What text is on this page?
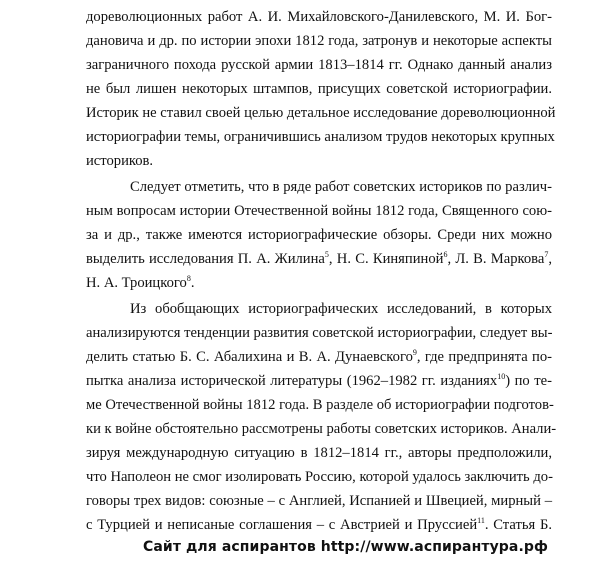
дореволюционных работ А. И. Михайловского-Данилевского, М. И. Бог-
дановича и др. по истории эпохи 1812 года, затронув и некоторые аспекты
заграничного похода русской армии 1813–1814 гг. Однако данный анализ
не был лишен некоторых штампов, присущих советской историографии.
Историк не ставил своей целью детальное исследование дореволюционной
историографии темы, ограничившись анализом трудов некоторых крупных
историков.
Следует отметить, что в ряде работ советских историков по различ-
ным вопросам истории Отечественной войны 1812 года, Священного сою-
за и др., также имеются историографические обзоры. Среди них можно
выделить исследования П. А. Жилина$^5$, Н. С. Киняпиной$^6$, Л. В. Маркова$^7$,
Н. А. Троицкого$^8$.
Из обобщающих историографических исследований, в которых
анализируются тенденции развития советской историографии, следует вы-
делить статью Б. С. Абалихина и В. А. Дунаевского$^9$, где предпринята по-
пытка анализа исторической литературы (1962–1982 гг. изданиях$^{10}$) по те-
ме Отечественной войны 1812 года. В разделе об историографии подготов-
ки к войне обстоятельно рассмотрены работы советских историков. Анали-
зируя международную ситуацию в 1812–1814 гг., авторы предположили,
что Наполеон не смог изолировать Россию, которой удалось заключить до-
говоры трех видов: союзные – с Англией, Испанией и Швецией, мирный –
с Турцией и неписаные соглашения – с Австрией и Пруссией$^{11}$. Статья Б.
Сайт для аспирантов http://www.аспирантура.рф
